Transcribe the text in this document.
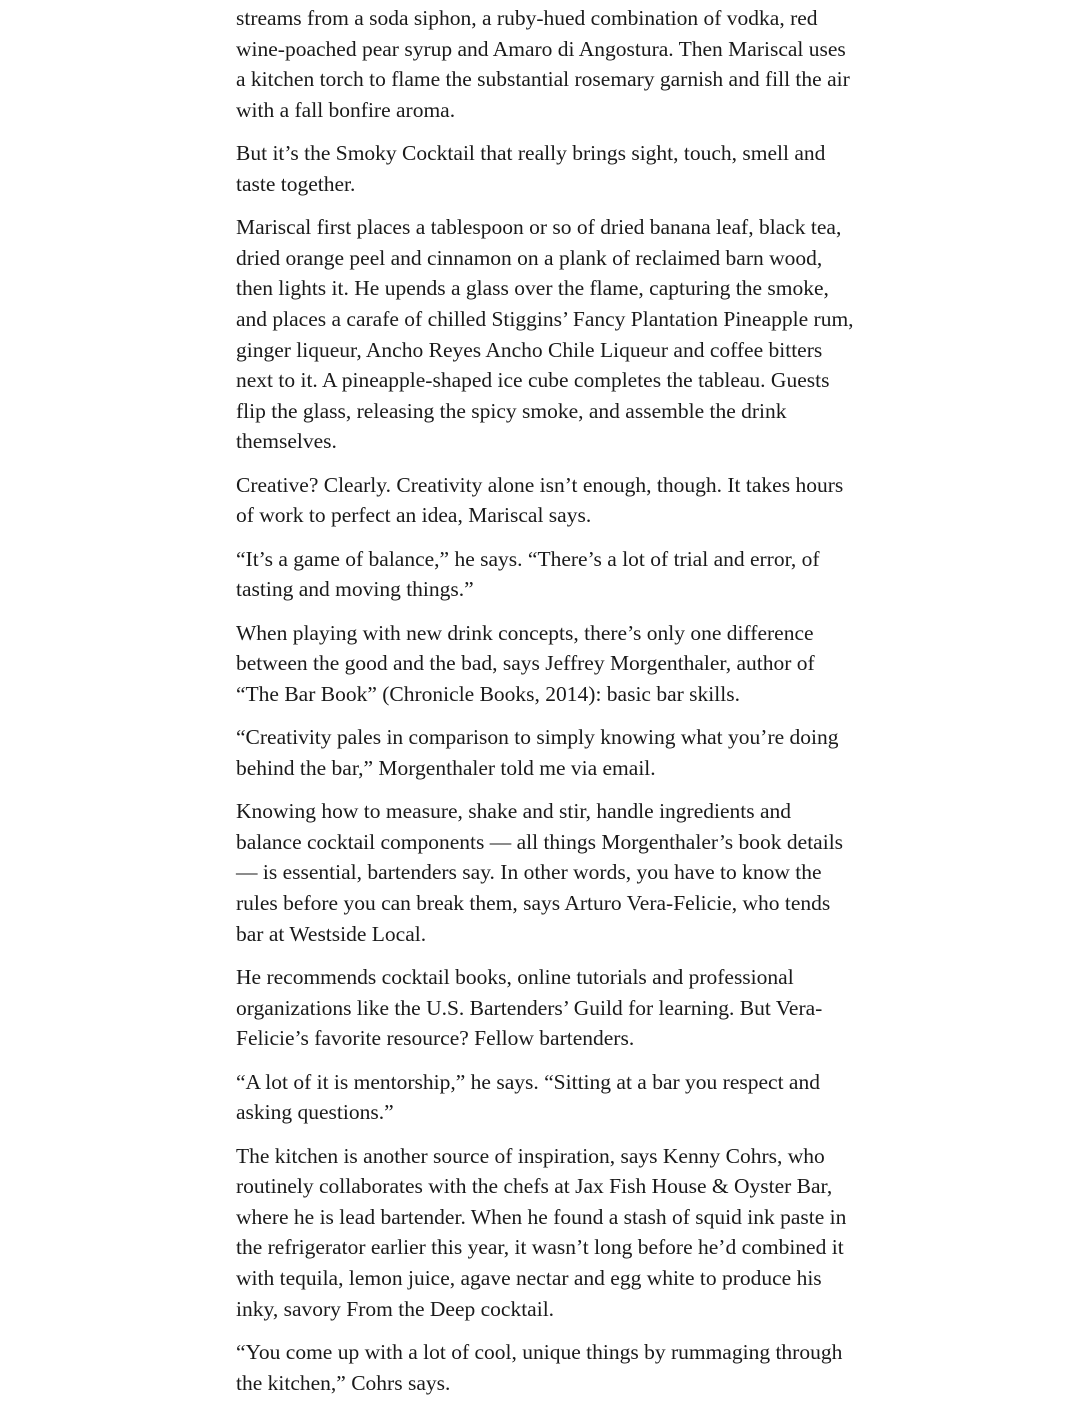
streams from a soda siphon, a ruby-hued combination of vodka, red wine-poached pear syrup and Amaro di Angostura. Then Mariscal uses a kitchen torch to flame the substantial rosemary garnish and fill the air with a fall bonfire aroma.

But it’s the Smoky Cocktail that really brings sight, touch, smell and taste together.

Mariscal first places a tablespoon or so of dried banana leaf, black tea, dried orange peel and cinnamon on a plank of reclaimed barn wood, then lights it. He upends a glass over the flame, capturing the smoke, and places a carafe of chilled Stiggins’ Fancy Plantation Pineapple rum, ginger liqueur, Ancho Reyes Ancho Chile Liqueur and coffee bitters next to it. A pineapple-shaped ice cube completes the tableau. Guests flip the glass, releasing the spicy smoke, and assemble the drink themselves.

Creative? Clearly. Creativity alone isn’t enough, though. It takes hours of work to perfect an idea, Mariscal says.

“It’s a game of balance,” he says. “There’s a lot of trial and error, of tasting and moving things.”

When playing with new drink concepts, there’s only one difference between the good and the bad, says Jeffrey Morgenthaler, author of “The Bar Book” (Chronicle Books, 2014): basic bar skills.

“Creativity pales in comparison to simply knowing what you’re doing behind the bar,” Morgenthaler told me via email.

Knowing how to measure, shake and stir, handle ingredients and balance cocktail components — all things Morgenthaler’s book details — is essential, bartenders say. In other words, you have to know the rules before you can break them, says Arturo Vera-Felicie, who tends bar at Westside Local.

He recommends cocktail books, online tutorials and professional organizations like the U.S. Bartenders’ Guild for learning. But Vera-Felicie’s favorite resource? Fellow bartenders.

“A lot of it is mentorship,” he says. “Sitting at a bar you respect and asking questions.”

The kitchen is another source of inspiration, says Kenny Cohrs, who routinely collaborates with the chefs at Jax Fish House & Oyster Bar, where he is lead bartender. When he found a stash of squid ink paste in the refrigerator earlier this year, it wasn’t long before he’d combined it with tequila, lemon juice, agave nectar and egg white to produce his inky, savory From the Deep cocktail.

“You come up with a lot of cool, unique things by rummaging through the kitchen,” Cohrs says.
